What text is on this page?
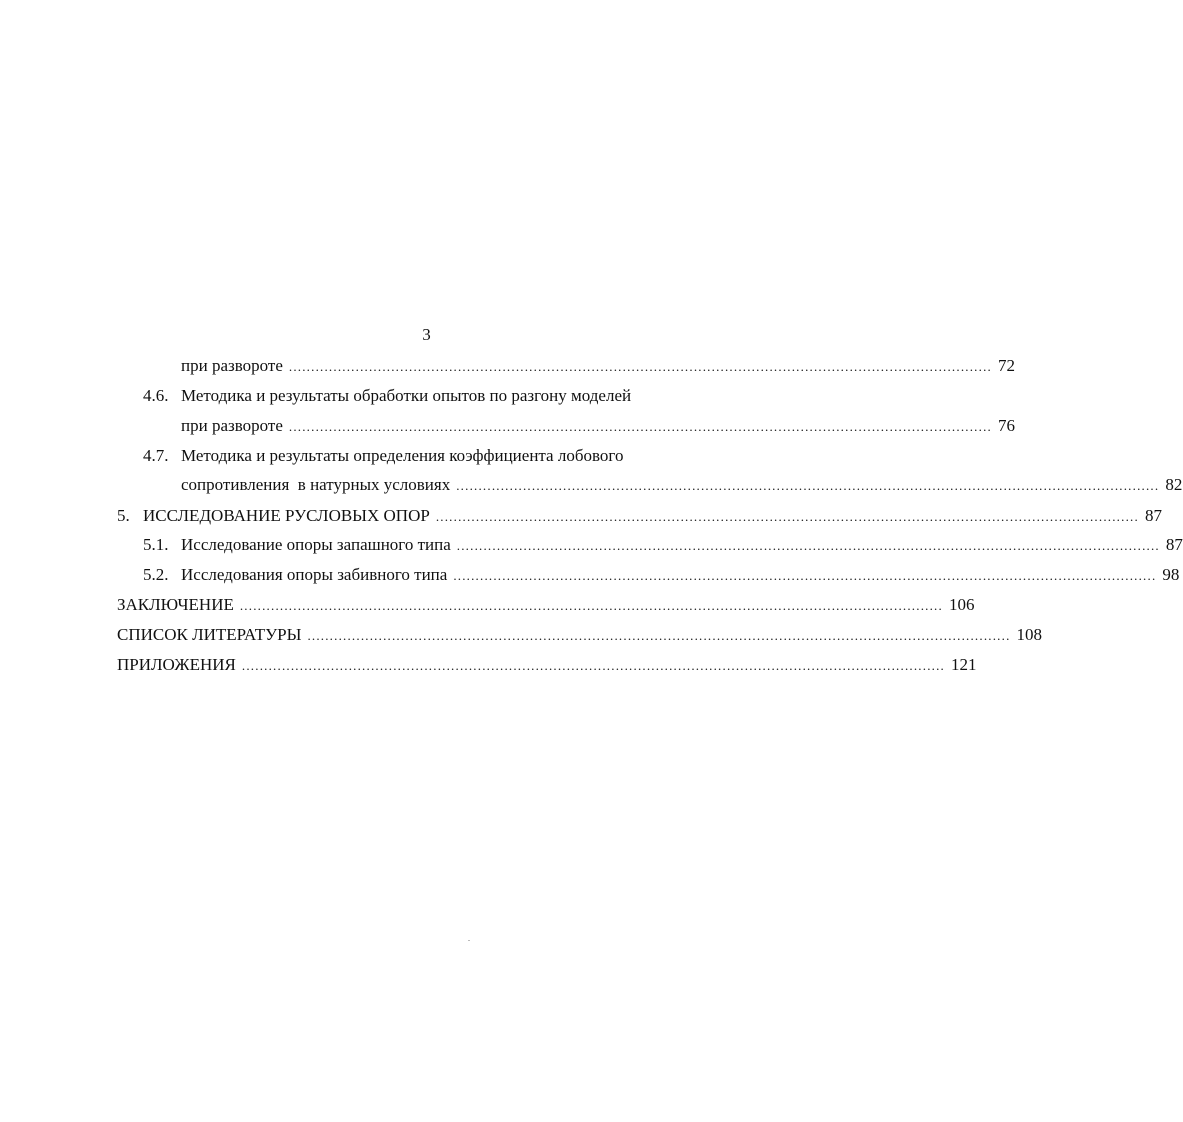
3
при развороте .............................................................................................................................................................. 72
4.6. Методика и результаты обработки опытов по разгону моделей
при развороте .............................................................................................................................................................. 76
4.7. Методика и результаты определения коэффициента лобового
сопротивления  в натурных условиях .............................................................................................................................................................. 82
5. ИССЛЕДОВАНИЕ РУСЛОВЫХ ОПОР .............................................................................................................................................................. 87
5.1. Исследование опоры запашного типа .............................................................................................................................................................. 87
5.2. Исследования опоры забивного типа .............................................................................................................................................................. 98
ЗАКЛЮЧЕНИЕ .............................................................................................................................................................. 106
СПИСОК ЛИТЕРАТУРЫ .............................................................................................................................................................. 108
ПРИЛОЖЕНИЯ .............................................................................................................................................................. 121
